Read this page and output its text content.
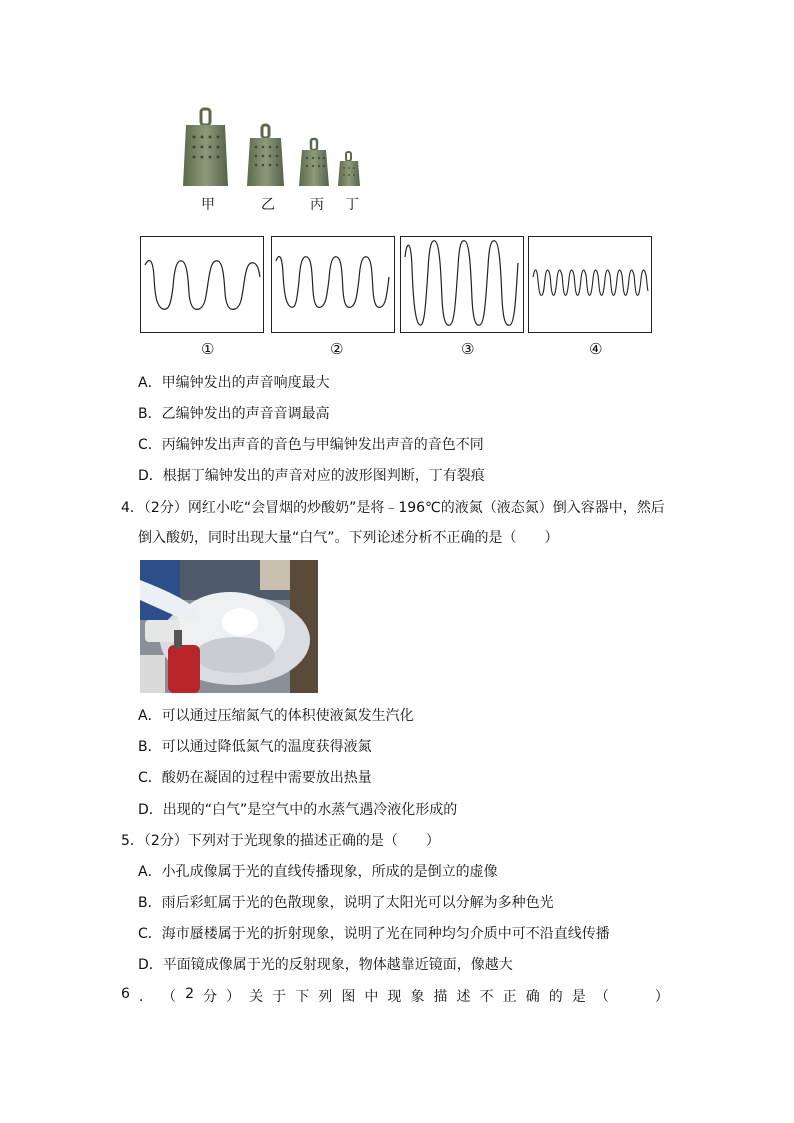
甲	乙	丙 丁
①	②	③	④
A．甲编钟发出的声音响度最大
B．乙编钟发出的声音音调最高
C．丙编钟发出声音的音色与甲编钟发出声音的音色不同
D．根据丁编钟发出的声音对应的波形图判断，丁有裂痕
4．（2分）网红小吃“会冒烟的炒酸奶”是将﹣196℃的液氮（液态氮）倒入容器中，然后
倒入酸奶，同时出现大量“白气”。下列论述分析不正确的是（　　）
A．可以通过压缩氮气的体积使液氮发生汽化
B．可以通过降低氮气的温度获得液氮
C．酸奶在凝固的过程中需要放出热量
D．出现的“白气”是空气中的水蒸气遇冷液化形成的
5．（2分）下列对于光现象的描述正确的是（　　）
A．小孔成像属于光的直线传播现象，所成的是倒立的虚像
B．雨后彩虹属于光的色散现象，说明了太阳光可以分解为多种色光
C．海市蜃楼属于光的折射现象，说明了光在同种均匀介质中可不沿直线传播
D．平面镜成像属于光的反射现象，物体越靠近镜面，像越大
6 ． （ 2 分 ） 关 于 下 列 图 中 现 象 描 述 不 正 确 的 是 （
　　	）
